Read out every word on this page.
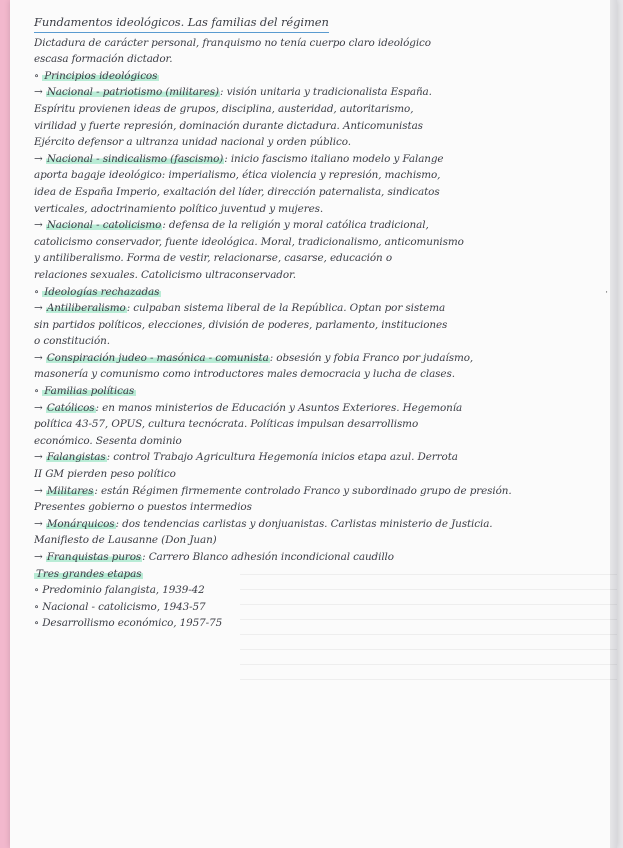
·
Fundamentos ideológicos. Las familias del régimen
Dictadura de carácter personal, franquismo no tenía cuerpo claro ideológico
escasa formación dictador.
∘ Principios ideológicos
→ Nacional - patriotismo (militares): visión unitaria y tradicionalista España.
Espíritu provienen ideas de grupos, disciplina, austeridad, autoritarismo,
virilidad y fuerte represión, dominación durante dictadura. Anticomunistas
Ejército defensor a ultranza unidad nacional y orden público.
→ Nacional - sindicalismo (fascismo): inicio fascismo italiano modelo y Falange
aporta bagaje ideológico: imperialismo, ética violencia y represión, machismo,
idea de España Imperio, exaltación del líder, dirección paternalista, sindicatos
verticales, adoctrinamiento político juventud y mujeres.
→ Nacional - catolicismo: defensa de la religión y moral católica tradicional,
catolicismo conservador, fuente ideológica. Moral, tradicionalismo, anticomunismo
y antiliberalismo. Forma de vestir, relacionarse, casarse, educación o
relaciones sexuales. Catolicismo ultraconservador.
∘ Ideologías rechazadas
→ Antiliberalismo: culpaban sistema liberal de la República. Optan por sistema
sin partidos políticos, elecciones, división de poderes, parlamento, instituciones
o constitución.
→ Conspiración judeo - masónica - comunista: obsesión y fobia Franco por judaísmo,
masonería y comunismo como introductores males democracia y lucha de clases.
∘ Familias políticas
→ Católicos: en manos ministerios de Educación y Asuntos Exteriores. Hegemonía
política 43-57, OPUS, cultura tecnócrata. Políticas impulsan desarrollismo
económico. Sesenta dominio
→ Falangistas: control Trabajo Agricultura Hegemonía inicios etapa azul. Derrota
II GM pierden peso político
→ Militares: están Régimen firmemente controlado Franco y subordinado grupo de presión.
Presentes gobierno o puestos intermedios
→ Monárquicos: dos tendencias carlistas y donjuanistas. Carlistas ministerio de Justicia.
Manifiesto de Lausanne (Don Juan)
→ Franquistas puros: Carrero Blanco adhesión incondicional caudillo
Tres grandes etapas
∘ Predominio falangista, 1939-42
∘ Nacional - catolicismo, 1943-57
∘ Desarrollismo económico, 1957-75
